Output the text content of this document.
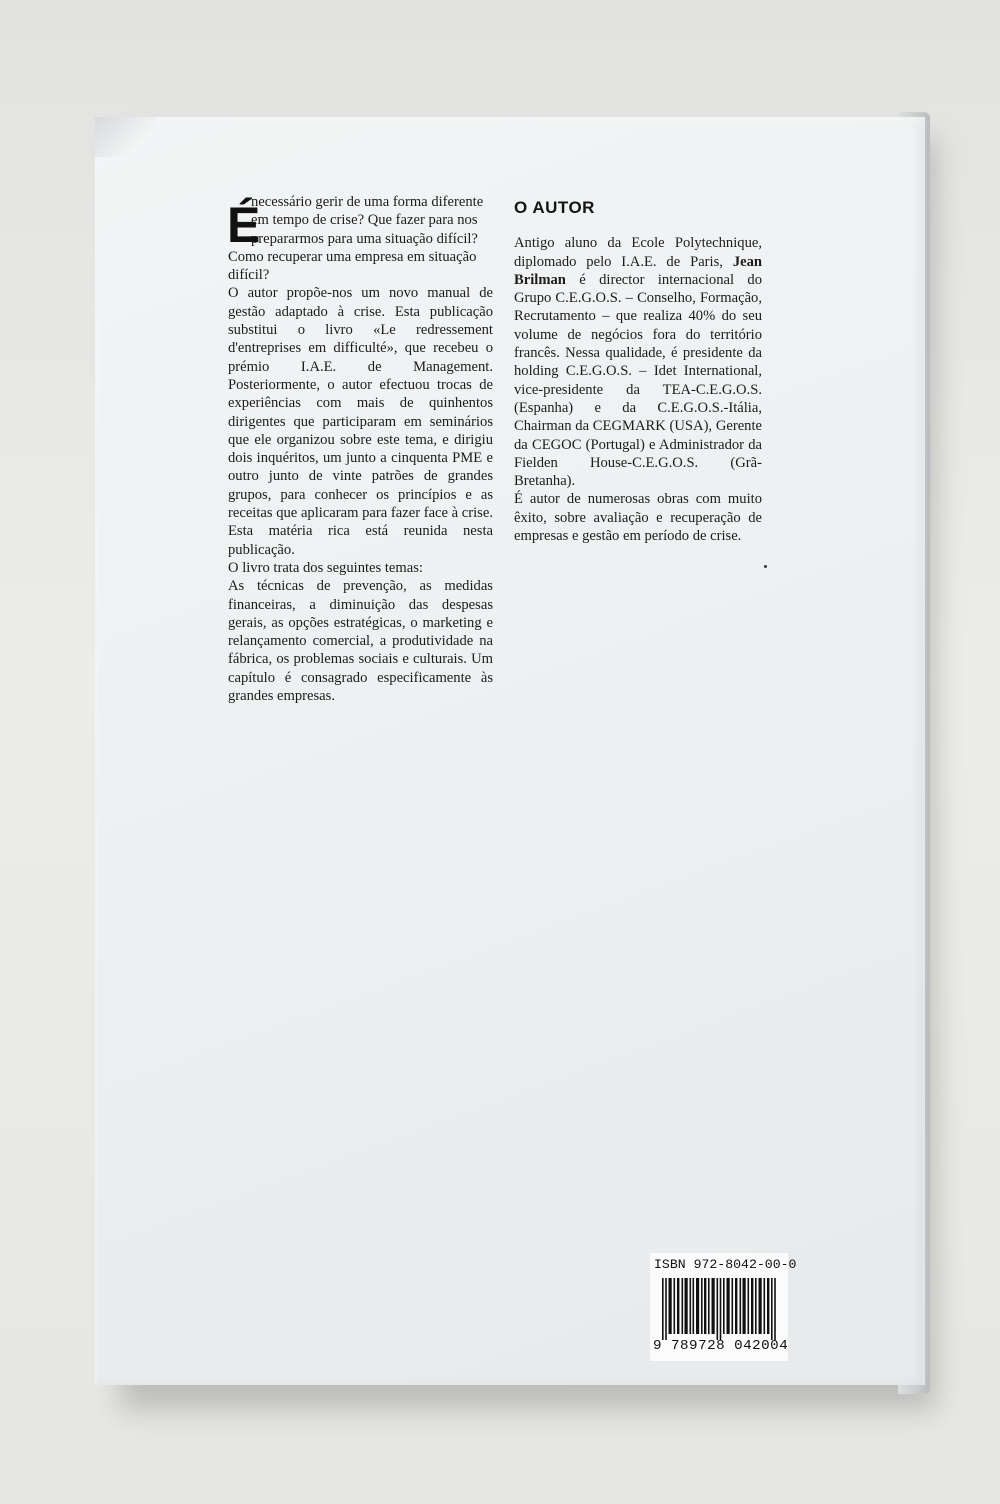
É
necessário gerir de uma forma diferente
em tempo de crise? Que fazer para nos
prepararmos para uma situação difícil?
Como recuperar uma empresa em situação
difícil?

O autor propõe-nos um novo manual de gestão adaptado à crise. Esta publicação substitui o livro «Le redressement d'entreprises em difficulté», que recebeu o prémio I.A.E. de Management. Posteriormente, o autor efectuou trocas de experiências com mais de quinhentos dirigentes que participaram em seminários que ele organizou sobre este tema, e dirigiu dois inquéritos, um junto a cinquenta PME e outro junto de vinte patrões de grandes grupos, para conhecer os princípios e as receitas que aplicaram para fazer face à crise. Esta matéria rica está reunida nesta publicação.

O livro trata dos seguintes temas:

As técnicas de prevenção, as medidas financeiras, a diminuição das despesas gerais, as opções estratégicas, o marketing e relançamento comercial, a produtividade na fábrica, os problemas sociais e culturais. Um capítulo é consagrado especificamente às grandes empresas.

O AUTOR

Antigo aluno da Ecole Polytechnique, diplomado pelo I.A.E. de Paris, Jean Brilman é director internacional do Grupo C.E.G.O.S. – Conselho, Formação, Recrutamento – que realiza 40% do seu volume de negócios fora do território francês. Nessa qualidade, é presidente da holding C.E.G.O.S. – Idet International, vice-presidente da TEA-C.E.G.O.S. (Espanha) e da C.E.G.O.S.-Itália, Chairman da CEGMARK (USA), Gerente da CEGOC (Portugal) e Administrador da Fielden House-C.E.G.O.S. (Grã-Bretanha).

É autor de numerosas obras com muito êxito, sobre avaliação e recuperação de empresas e gestão em período de crise.

ISBN 972-8042-00-0
9 789728 042004
